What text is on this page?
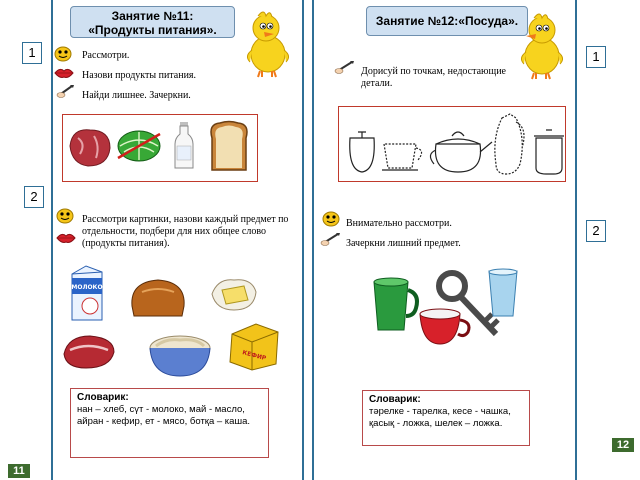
Занятие №11:
«Продукты питания».
1
2
Рассмотри.
Назови продукты питания.
Найди лишнее. Зачеркни.
Рассмотри картинки, назови каждый предмет по отдельности, подбери для них общее слово (продукты питания).
МОЛОКО
КЕФИР
Словарик:
нан – хлеб, сүт - молоко, май - масло, айран - кефир, ет - мясо, ботқа – каша.
11
Занятие №12:«Посуда».
1
2
Дорисуй по точкам, недостающие детали.
Внимательно рассмотри.
Зачеркни лишний предмет.
Словарик:
тәрелке - тарелка, кесе - чашка, қасық - ложка, шелек – ложка.
12
